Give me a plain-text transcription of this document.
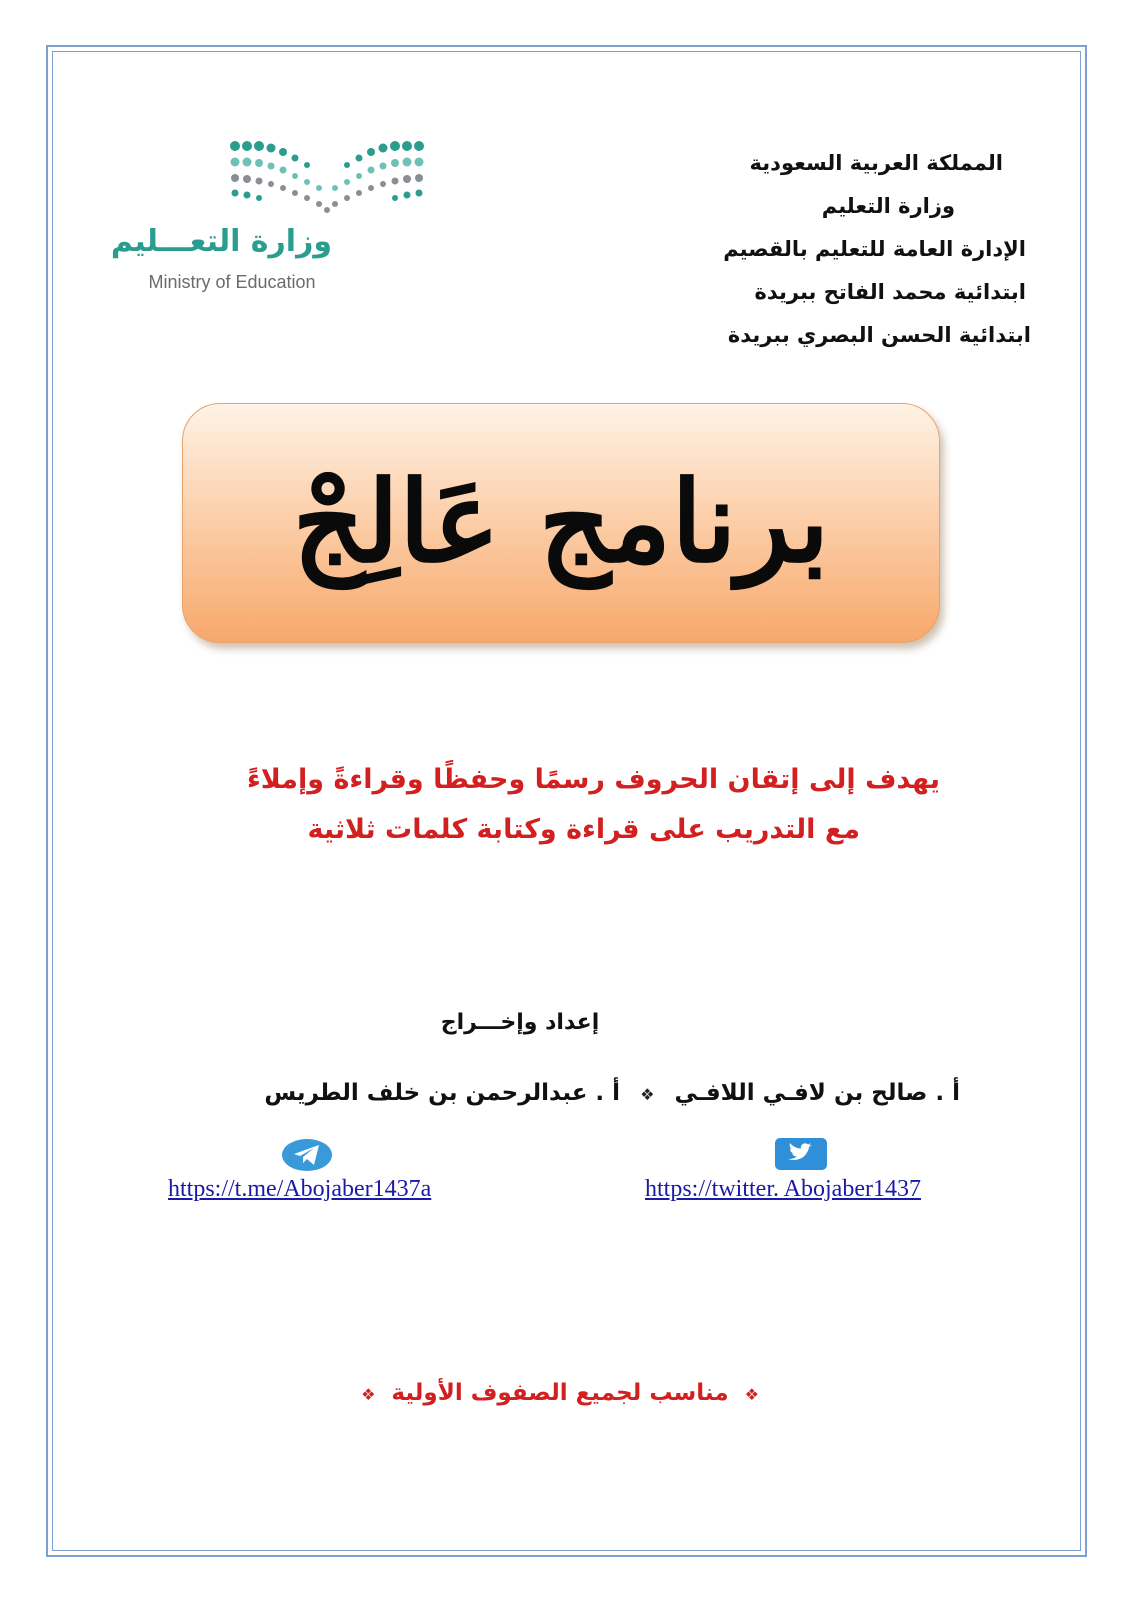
المملكة العربية السعودية
وزارة التعليم
الإدارة العامة للتعليم بالقصيم
ابتدائية محمد الفاتح ببريدة
ابتدائية الحسن البصري ببريدة
وزارة التعـــليم
Ministry of Education
برنامج عَالِجْ
يهدف إلى إتقان الحروف رسمًا وحفظًا وقراءةً وإملاءً
مع التدريب على قراءة وكتابة كلمات ثلاثية
إعداد وإخـــراج
أ . صالح بن لافـي اللافـي ❖ أ . عبدالرحمن بن خلف الطريس
https://twitter. Abojaber1437
https://t.me/Abojaber1437a
❖ مناسب لجميع الصفوف الأولية ❖
